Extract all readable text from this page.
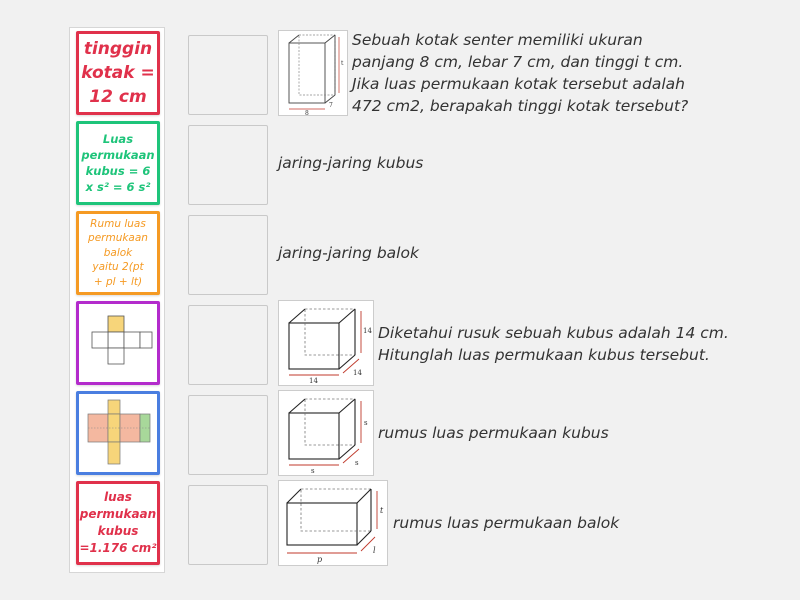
tinggin
kotak =
12 cm
Luas
permukaan
kubus = 6
x s² = 6 s²
Rumu luas
permukaan
balok
yaitu 2(pt
+ pl + lt)
luas
permukaan
kubus
=1.176 cm²
8
7
t
Sebuah kotak senter memiliki ukuran
panjang 8 cm, lebar 7 cm, dan tinggi t cm.
Jika luas permukaan kotak tersebut adalah
472 cm2, berapakah tinggi kotak tersebut?
jaring-jaring kubus
jaring-jaring balok
14
14
14
Diketahui rusuk sebuah kubus adalah 14 cm.
Hitunglah luas permukaan kubus tersebut.
s
s
s
rumus luas permukaan kubus
p
t
l
rumus luas permukaan balok
